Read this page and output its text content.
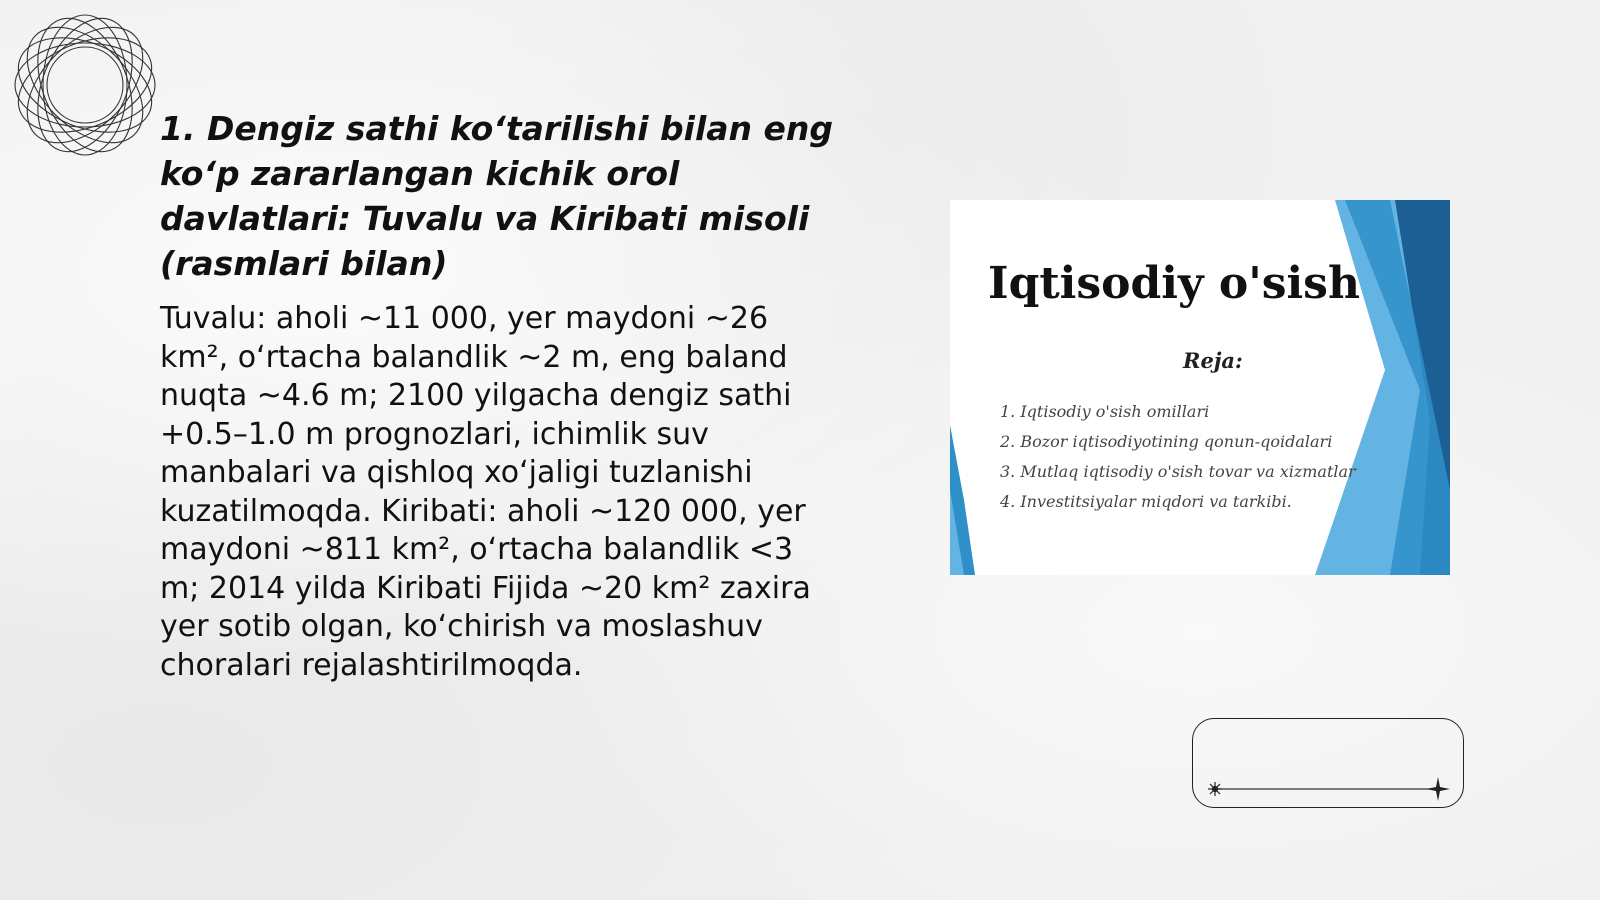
1. Dengiz sathi ko‘tarilishi bilan eng ko‘p zararlangan kichik orol davlatlari: Tuvalu va Kiribati misoli (rasmlari bilan)

Tuvalu: aholi ~11 000, yer maydoni ~26 km², o‘rtacha balandlik ~2 m, eng baland nuqta ~4.6 m; 2100 yilgacha dengiz sathi +0.5–1.0 m prognozlari, ichimlik suv manbalari va qishloq xo‘jaligi tuzlanishi kuzatilmoqda. Kiribati: aholi ~120 000, yer maydoni ~811 km², o‘rtacha balandlik <3 m; 2014 yilda Kiribati Fijida ~20 km² zaxira yer sotib olgan, ko‘chirish va moslashuv choralari rejalashtirilmoqda.

Iqtisodiy o'sish
Reja:
1. Iqtisodiy o'sish omillari
2. Bozor iqtisodiyotining qonun-qoidalari
3. Mutlaq iqtisodiy o'sish tovar va xizmatlar
4. Investitsiyalar miqdori va tarkibi.
